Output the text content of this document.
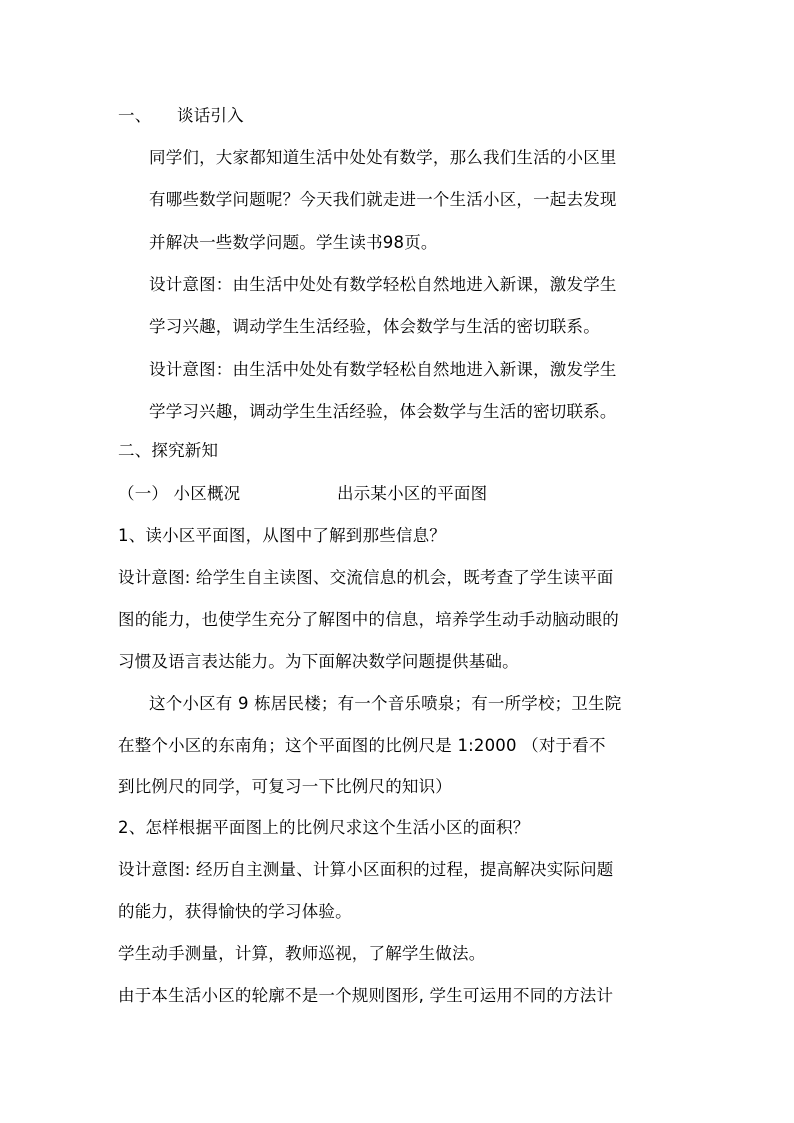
一、 谈话引入
同学们，大家都知道生活中处处有数学，那么我们生活的小区里
有哪些数学问题呢？今天我们就走进一个生活小区，一起去发现
并解决一些数学问题。学生读书98页。
设计意图：由生活中处处有数学轻松自然地进入新课，激发学生
学习兴趣，调动学生生活经验，体会数学与生活的密切联系。
设计意图：由生活中处处有数学轻松自然地进入新课，激发学生
学学习兴趣，调动学生生活经验，体会数学与生活的密切联系。
二、探究新知
（一） 小区概况	出示某小区的平面图
1、读小区平面图，从图中了解到那些信息？
设计意图: 给学生自主读图、交流信息的机会，既考查了学生读平面
图的能力，也使学生充分了解图中的信息，培养学生动手动脑动眼的
习惯及语言表达能力。为下面解决数学问题提供基础。
这个小区有 9 栋居民楼；有一个音乐喷泉；有一所学校；卫生院
在整个小区的东南角；这个平面图的比例尺是 1:2000 （对于看不
到比例尺的同学，可复习一下比例尺的知识）
2、怎样根据平面图上的比例尺求这个生活小区的面积？
设计意图: 经历自主测量、计算小区面积的过程，提高解决实际问题
的能力，获得愉快的学习体验。
学生动手测量，计算，教师巡视，了解学生做法。
由于本生活小区的轮廓不是一个规则图形, 学生可运用不同的方法计
